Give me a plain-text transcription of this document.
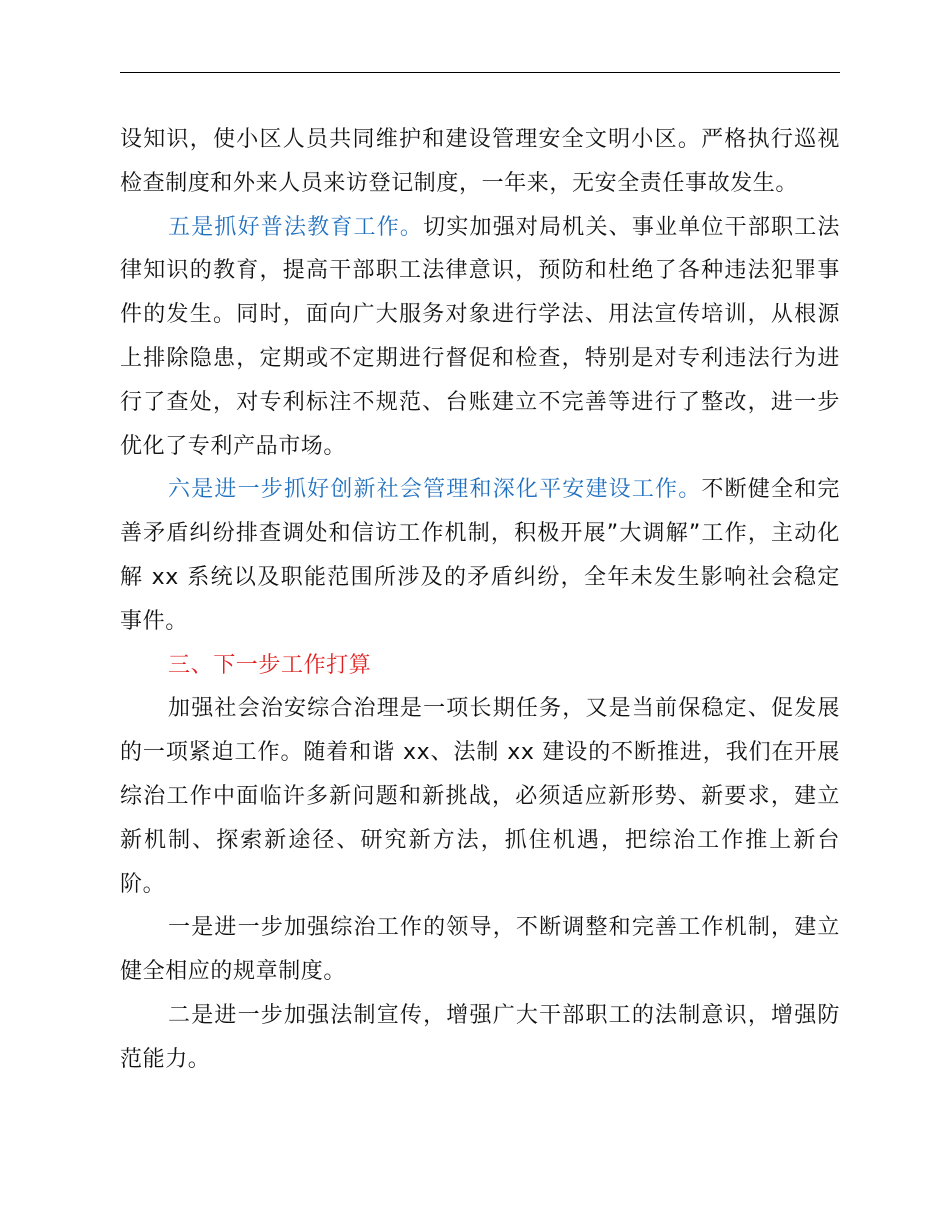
设知识，使小区人员共同维护和建设管理安全文明小区。严格执行巡视检查制度和外来人员来访登记制度，一年来，无安全责任事故发生。

五是抓好普法教育工作。切实加强对局机关、事业单位干部职工法律知识的教育，提高干部职工法律意识，预防和杜绝了各种违法犯罪事件的发生。同时，面向广大服务对象进行学法、用法宣传培训，从根源上排除隐患，定期或不定期进行督促和检查，特别是对专利违法行为进行了查处，对专利标注不规范、台账建立不完善等进行了整改，进一步优化了专利产品市场。

六是进一步抓好创新社会管理和深化平安建设工作。不断健全和完善矛盾纠纷排查调处和信访工作机制，积极开展”大调解”工作，主动化解 xx 系统以及职能范围所涉及的矛盾纠纷，全年未发生影响社会稳定事件。

三、下一步工作打算

加强社会治安综合治理是一项长期任务，又是当前保稳定、促发展的一项紧迫工作。随着和谐 xx、法制 xx 建设的不断推进，我们在开展综治工作中面临许多新问题和新挑战，必须适应新形势、新要求，建立新机制、探索新途径、研究新方法，抓住机遇，把综治工作推上新台阶。

一是进一步加强综治工作的领导，不断调整和完善工作机制，建立健全相应的规章制度。

二是进一步加强法制宣传，增强广大干部职工的法制意识，增强防范能力。
